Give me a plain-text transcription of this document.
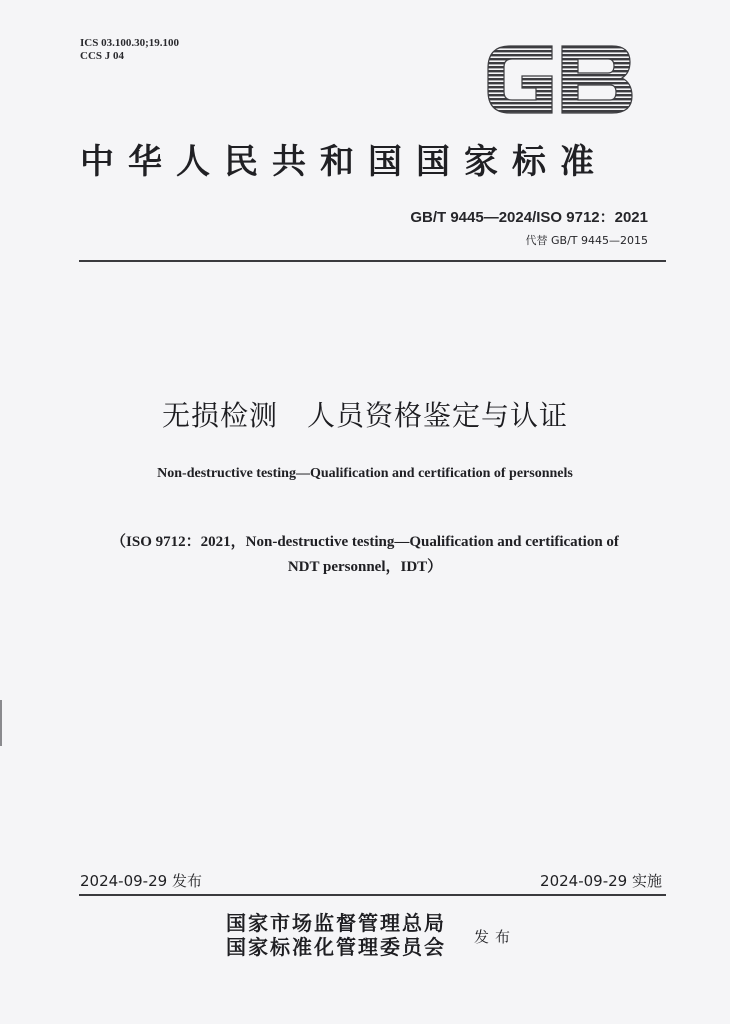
ICS 03.100.30;19.100
CCS J 04
中华人民共和国国家标准
GB/T 9445—2024/ISO 9712：2021
代替 GB/T 9445—2015
无损检测　人员资格鉴定与认证
Non-destructive testing—Qualification and certification of personnels
（ISO 9712：2021，Non-destructive testing—Qualification and certification of
NDT personnel，IDT）
2024-09-29 发布	2024-09-29 实施
国家市场监督管理总局
国家标准化管理委员会 发布
